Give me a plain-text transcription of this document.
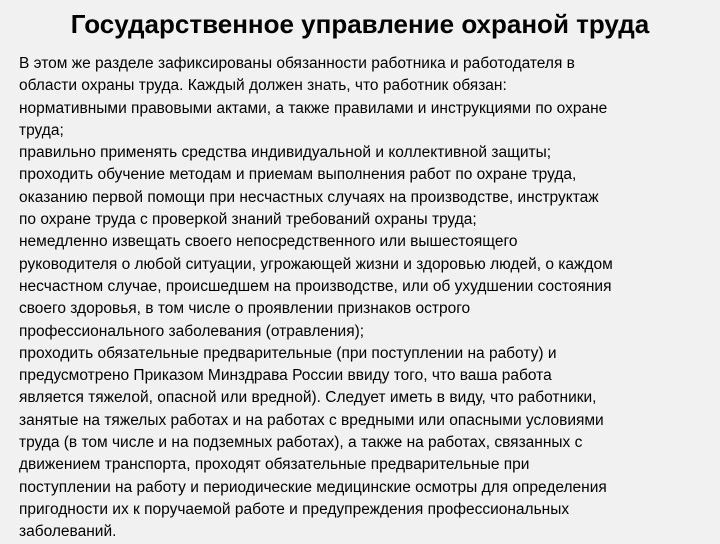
Государственное управление охраной труда

В этом же разделе зафиксированы обязанности работника и работодателя в
области охраны труда. Каждый должен знать, что работник обязан:

нормативными правовыми актами, а также правилами и инструкциями по охране
труда;

правильно применять средства индивидуальной и коллективной защиты;
проходить обучение методам и приемам выполнения работ по охране труда,
оказанию первой помощи при несчастных случаях на производстве, инструктаж
по охране труда с проверкой знаний требований охраны труда;

немедленно извещать своего непосредственного или вышестоящего
руководителя о любой ситуации, угрожающей жизни и здоровью людей, о каждом
несчастном случае, происшедшем на производстве, или об ухудшении состояния
своего здоровья, в том числе о проявлении признаков острого
профессионального заболевания (отравления);

проходить обязательные предварительные (при поступлении на работу) и
предусмотрено Приказом Минздрава России ввиду того, что ваша работа
является тяжелой, опасной или вредной). Следует иметь в виду, что работники,
занятые на тяжелых работах и на работах с вредными или опасными условиями
труда (в том числе и на подземных работах), а также на работах, связанных с
движением транспорта, проходят обязательные предварительные при
поступлении на работу и периодические медицинские осмотры для определения
пригодности их к поручаемой работе и предупреждения профессиональных
заболеваний.
